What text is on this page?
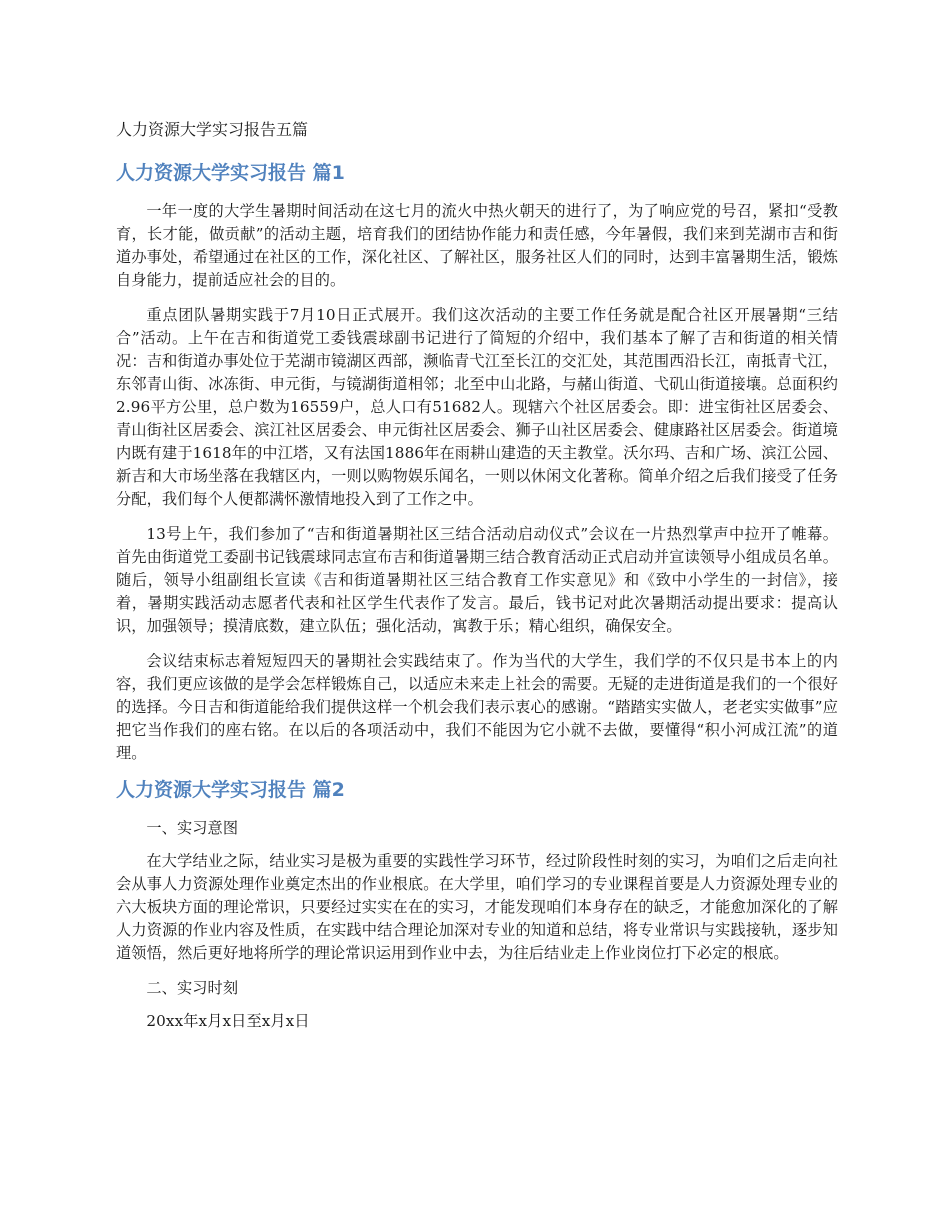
人力资源大学实习报告五篇
人力资源大学实习报告 篇1

一年一度的大学生暑期时间活动在这七月的流火中热火朝天的进行了，为了响应党的号召，紧扣“受教育，长才能，做贡献”的活动主题，培育我们的团结协作能力和责任感，今年暑假，我们来到芜湖市吉和街道办事处，希望通过在社区的工作，深化社区、了解社区，服务社区人们的同时，达到丰富暑期生活，锻炼自身能力，提前适应社会的目的。

重点团队暑期实践于7月10日正式展开。我们这次活动的主要工作任务就是配合社区开展暑期“三结合”活动。上午在吉和街道党工委钱震球副书记进行了简短的介绍中，我们基本了解了吉和街道的相关情况：吉和街道办事处位于芜湖市镜湖区西部，濒临青弋江至长江的交汇处，其范围西沿长江，南抵青弋江，东邻青山街、冰冻街、申元街，与镜湖街道相邻；北至中山北路，与赭山街道、弋矶山街道接壤。总面积约2.96平方公里，总户数为16559户，总人口有51682人。现辖六个社区居委会。即：进宝街社区居委会、青山街社区居委会、滨江社区居委会、申元街社区居委会、狮子山社区居委会、健康路社区居委会。街道境内既有建于1618年的中江塔，又有法国1886年在雨耕山建造的天主教堂。沃尔玛、吉和广场、滨江公园、新吉和大市场坐落在我辖区内，一则以购物娱乐闻名，一则以休闲文化著称。简单介绍之后我们接受了任务分配，我们每个人便都满怀激情地投入到了工作之中。

13号上午，我们参加了“吉和街道暑期社区三结合活动启动仪式”会议在一片热烈掌声中拉开了帷幕。首先由街道党工委副书记钱震球同志宣布吉和街道暑期三结合教育活动正式启动并宣读领导小组成员名单。随后，领导小组副组长宣读《吉和街道暑期社区三结合教育工作实意见》和《致中小学生的一封信》，接着，暑期实践活动志愿者代表和社区学生代表作了发言。最后，钱书记对此次暑期活动提出要求：提高认识，加强领导；摸清底数，建立队伍；强化活动，寓教于乐；精心组织，确保安全。

会议结束标志着短短四天的暑期社会实践结束了。作为当代的大学生，我们学的不仅只是书本上的内容，我们更应该做的是学会怎样锻炼自己，以适应未来走上社会的需要。无疑的走进街道是我们的一个很好的选择。今日吉和街道能给我们提供这样一个机会我们表示衷心的感谢。“踏踏实实做人，老老实实做事”应把它当作我们的座右铭。在以后的各项活动中，我们不能因为它小就不去做，要懂得“积小河成江流”的道理。

人力资源大学实习报告 篇2

一、实习意图

在大学结业之际，结业实习是极为重要的实践性学习环节，经过阶段性时刻的实习，为咱们之后走向社会从事人力资源处理作业奠定杰出的作业根底。在大学里，咱们学习的专业课程首要是人力资源处理专业的六大板块方面的理论常识，只要经过实实在在的实习，才能发现咱们本身存在的缺乏，才能愈加深化的了解人力资源的作业内容及性质，在实践中结合理论加深对专业的知道和总结，将专业常识与实践接轨，逐步知道领悟，然后更好地将所学的理论常识运用到作业中去，为往后结业走上作业岗位打下必定的根底。

二、实习时刻

20xx年x月x日至x月x日
